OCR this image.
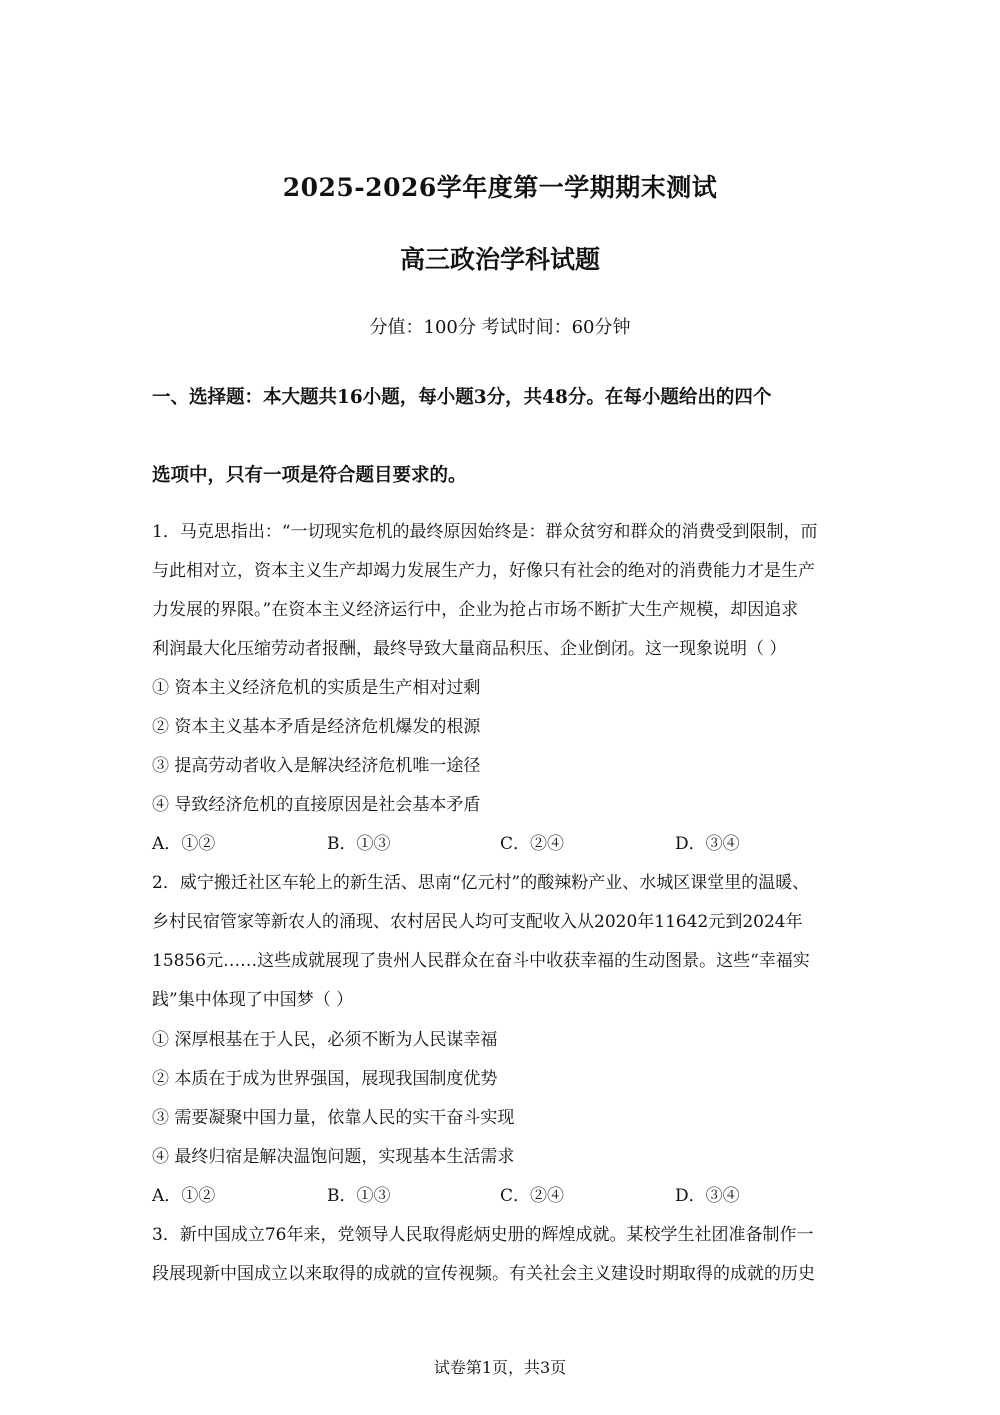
2025-2026学年度第一学期期末测试
高三政治学科试题
分值：100分 考试时间：60分钟
一、选择题：本大题共16小题，每小题3分，共48分。在每小题给出的四个
选项中，只有一项是符合题目要求的。
1．马克思指出：“一切现实危机的最终原因始终是：群众贫穷和群众的消费受到限制，而
与此相对立，资本主义生产却竭力发展生产力，好像只有社会的绝对的消费能力才是生产
力发展的界限。”在资本主义经济运行中，企业为抢占市场不断扩大生产规模，却因追求
利润最大化压缩劳动者报酬，最终导致大量商品积压、企业倒闭。这一现象说明（ ）
① 资本主义经济危机的实质是生产相对过剩
② 资本主义基本矛盾是经济危机爆发的根源
③ 提高劳动者收入是解决经济危机唯一途径
④ 导致经济危机的直接原因是社会基本矛盾
A．①②	B．①③	C．②④	D．③④
2．威宁搬迁社区车轮上的新生活、思南“亿元村”的酸辣粉产业、水城区课堂里的温暖、
乡村民宿管家等新农人的涌现、农村居民人均可支配收入从2020年11642元到2024年
15856元……这些成就展现了贵州人民群众在奋斗中收获幸福的生动图景。这些“幸福实
践”集中体现了中国梦（ ）
① 深厚根基在于人民，必须不断为人民谋幸福
② 本质在于成为世界强国，展现我国制度优势
③ 需要凝聚中国力量，依靠人民的实干奋斗实现
④ 最终归宿是解决温饱问题，实现基本生活需求
A．①②	B．①③	C．②④	D．③④
3．新中国成立76年来，党领导人民取得彪炳史册的辉煌成就。某校学生社团准备制作一
段展现新中国成立以来取得的成就的宣传视频。有关社会主义建设时期取得的成就的历史
试卷第1页，共3页
